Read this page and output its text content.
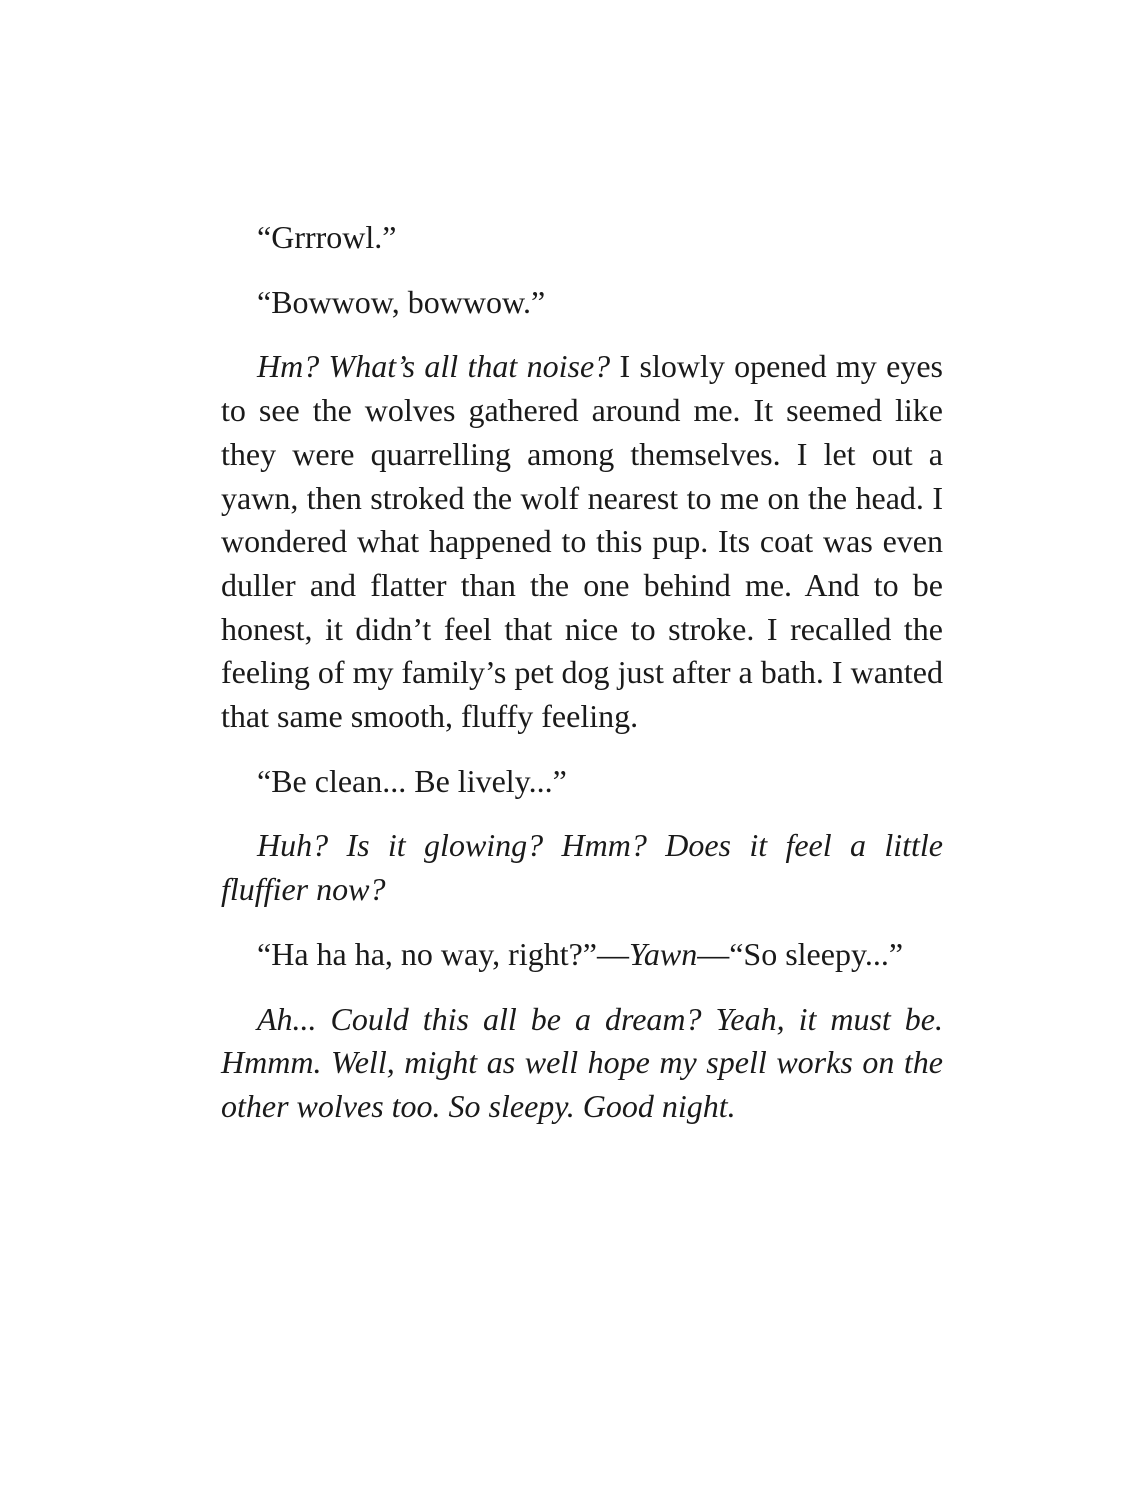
“Grrrowl.”

“Bowwow, bowwow.”

Hm? What’s all that noise? I slowly opened my eyes to see the wolves gathered around me. It seemed like they were quarrelling among themselves. I let out a yawn, then stroked the wolf nearest to me on the head. I wondered what happened to this pup. Its coat was even duller and flatter than the one behind me. And to be honest, it didn’t feel that nice to stroke. I recalled the feeling of my family’s pet dog just after a bath. I wanted that same smooth, fluffy feeling.

“Be clean... Be lively...”

Huh? Is it glowing? Hmm? Does it feel a little fluffier now?

“Ha ha ha, no way, right?”—Yawn—“So sleepy...”

Ah... Could this all be a dream? Yeah, it must be. Hmmm. Well, might as well hope my spell works on the other wolves too. So sleepy. Good night.
